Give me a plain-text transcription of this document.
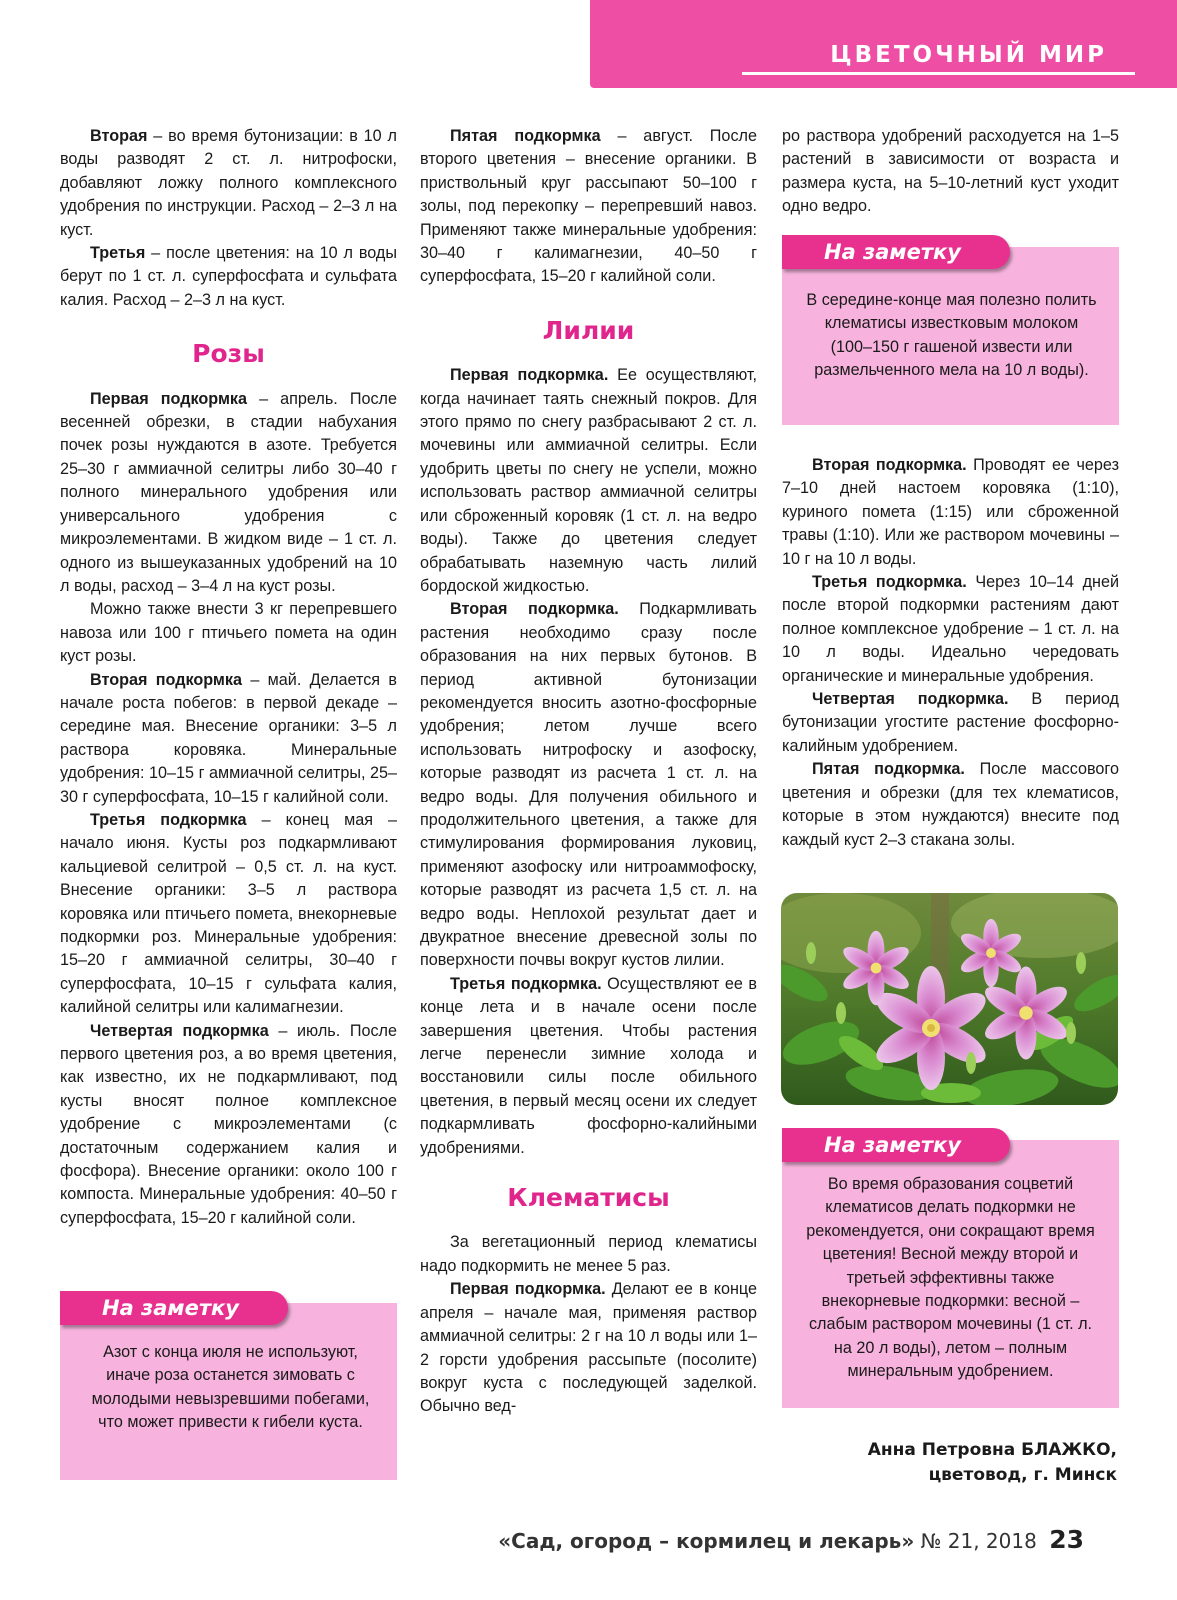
ЦВЕТОЧНЫЙ МИР

Вторая – во время бутонизации: в 10 л воды разводят 2 ст. л. нитрофоски, добавляют ложку полного комплексного удобрения по инструкции. Расход – 2–3 л на куст.

Третья – после цветения: на 10 л воды берут по 1 ст. л. суперфосфата и сульфата калия. Расход – 2–3 л на куст.

Розы

Первая подкормка – апрель. После весенней обрезки, в стадии набухания почек розы нуждаются в азоте. Требуется 25–30 г аммиачной селитры либо 30–40 г полного минерального удобрения или универсального удобрения с микроэлементами. В жидком виде – 1 ст. л. одного из вышеуказанных удобрений на 10 л воды, расход – 3–4 л на куст розы.

Можно также внести 3 кг перепревшего навоза или 100 г птичьего помета на один куст розы.

Вторая подкормка – май. Делается в начале роста побегов: в первой декаде – середине мая. Внесение органики: 3–5 л раствора коровяка. Минеральные удобрения: 10–15 г аммиачной селитры, 25–30 г суперфосфата, 10–15 г калийной соли.

Третья подкормка – конец мая – начало июня. Кусты роз подкармливают кальциевой селитрой – 0,5 ст. л. на куст. Внесение органики: 3–5 л раствора коровяка или птичьего помета, внекорневые подкормки роз. Минеральные удобрения: 15–20 г аммиачной селитры, 30–40 г суперфосфата, 10–15 г сульфата калия, калийной селитры или калимагнезии.

Четвертая подкормка – июль. После первого цветения роз, а во время цветения, как известно, их не подкармливают, под кусты вносят полное комплексное удобрение с микроэлементами (с достаточным содержанием калия и фосфора). Внесение органики: около 100 г компоста. Минеральные удобрения: 40–50 г суперфосфата, 15–20 г калийной соли.

На заметку
Азот с конца июля не используют, иначе роза останется зимовать с молодыми невызревшими побегами, что может привести к гибели куста.

Пятая подкормка – август. После второго цветения – внесение органики. В приствольный круг рассыпают 50–100 г золы, под перекопку – перепревший навоз. Применяют также минеральные удобрения: 30–40 г калимагнезии, 40–50 г суперфосфата, 15–20 г калийной соли.

Лилии

Первая подкормка. Ее осуществляют, когда начинает таять снежный покров. Для этого прямо по снегу разбрасывают 2 ст. л. мочевины или аммиачной селитры. Если удобрить цветы по снегу не успели, можно использовать раствор аммиачной селитры или сброженный коровяк (1 ст. л. на ведро воды). Также до цветения следует обрабатывать наземную часть лилий бордоской жидкостью.

Вторая подкормка. Подкармливать растения необходимо сразу после образования на них первых бутонов. В период активной бутонизации рекомендуется вносить азотно-фосфорные удобрения; летом лучше всего использовать нитрофоску и азофоску, которые разводят из расчета 1 ст. л. на ведро воды. Для получения обильного и продолжительного цветения, а также для стимулирования формирования луковиц, применяют азофоску или нитроаммофоску, которые разводят из расчета 1,5 ст. л. на ведро воды. Неплохой результат дает и двукратное внесение древесной золы по поверхности почвы вокруг кустов лилии.

Третья подкормка. Осуществляют ее в конце лета и в начале осени после завершения цветения. Чтобы растения легче перенесли зимние холода и восстановили силы после обильного цветения, в первый месяц осени их следует подкармливать фосфорно-калийными удобрениями.

Клематисы

За вегетационный период клематисы надо подкормить не менее 5 раз.

Первая подкормка. Делают ее в конце апреля – начале мая, применяя раствор аммиачной селитры: 2 г на 10 л воды или 1–2 горсти удобрения рассыпьте (посолите) вокруг куста с последующей заделкой. Обычно вед-

ро раствора удобрений расходуется на 1–5 растений в зависимости от возраста и размера куста, на 5–10-летний куст уходит одно ведро.

На заметку
В середине-конце мая полезно полить клематисы известковым молоком (100–150 г гашеной извести или размельченного мела на 10 л воды).

Вторая подкормка. Проводят ее через 7–10 дней настоем коровяка (1:10), куриного помета (1:15) или сброженной травы (1:10). Или же раствором мочевины – 10 г на 10 л воды.

Третья подкормка. Через 10–14 дней после второй подкормки растениям дают полное комплексное удобрение – 1 ст. л. на 10 л воды. Идеально чередовать органические и минеральные удобрения.

Четвертая подкормка. В период бутонизации угостите растение фосфорно-калийным удобрением.

Пятая подкормка. После массового цветения и обрезки (для тех клематисов, которые в этом нуждаются) внесите под каждый куст 2–3 стакана золы.

На заметку
Во время образования соцветий клематисов делать подкормки не рекомендуется, они сокращают время цветения! Весной между второй и третьей эффективны также внекорневые подкормки: весной – слабым раствором мочевины (1 ст. л. на 20 л воды), летом – полным минеральным удобрением.
Анна Петровна БЛАЖКО,
цветовод, г. Минск
«Сад, огород – кормилец и лекарь» № 21, 2018 23
